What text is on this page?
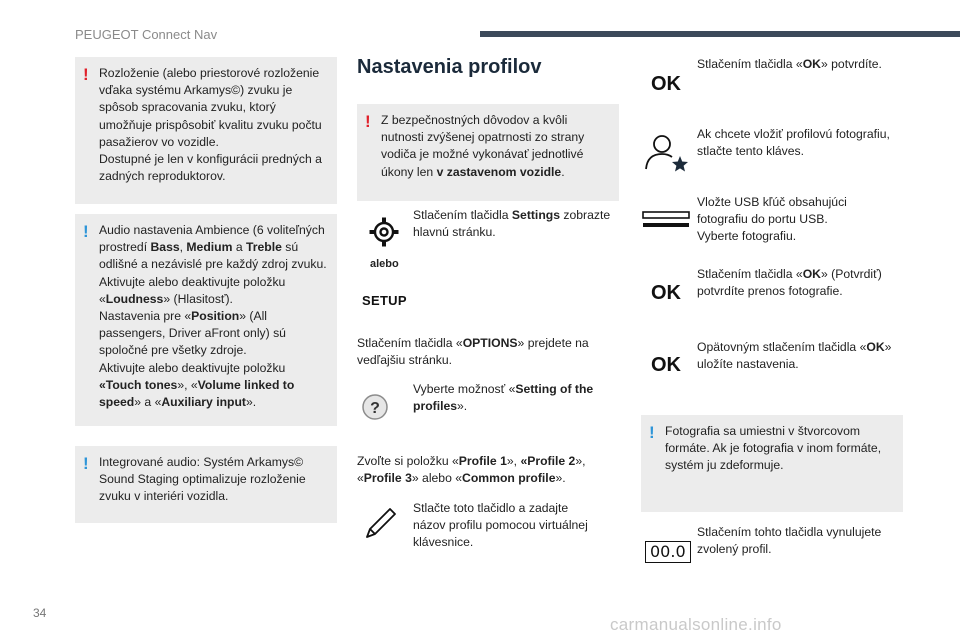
PEUGEOT Connect Nav
! Rozloženie (alebo priestorové rozloženie

vďaka systému Arkamys©) zvuku je

spôsob spracovania zvuku, ktorý

umožňuje prispôsobiť kvalitu zvuku počtu

pasažierov vo vozidle.

Dostupné je len v konfigurácii predných a

zadných reproduktorov.

! Audio nastavenia Ambience (6 voliteľných

prostredí Bass, Medium a Treble sú

odlišné a nezávislé pre každý zdroj zvuku.

Aktivujte alebo deaktivujte položku

«Loudness» (Hlasitosť).

Nastavenia pre «Position» (All

passengers, Driver aFront only) sú

spoločné pre všetky zdroje.

Aktivujte alebo deaktivujte položku

«Touch tones», «Volume linked to

speed» a «Auxiliary input».

! Integrované audio: Systém Arkamys©

Sound Staging optimalizuje rozloženie

zvuku v interiéri vozidla.

Nastavenia profilov
! Z bezpečnostných dôvodov a kvôli

nutnosti zvýšenej opatrnosti zo strany

vodiča je možné vykonávať jednotlivé

úkony len v zastavenom vozidle.

alebo
SETUP

Stlačením tlačidla Settings zobrazte

hlavnú stránku.

Stlačením tlačidla «OPTIONS» prejdete na

vedľajšiu stránku.

?

Vyberte možnosť «Setting of the

profiles».

Zvoľte si položku «Profile 1», «Profile 2»,

«Profile 3» alebo «Common profile».

Stlačte toto tlačidlo a zadajte

názov profilu pomocou virtuálnej

klávesnice.

OK

Stlačením tlačidla «OK» potvrdíte.

Ak chcete vložiť profilovú fotografiu,

stlačte tento kláves.

Vložte USB kľúč obsahujúci

fotografiu do portu USB.

Vyberte fotografiu.

OK

Stlačením tlačidla «OK» (Potvrdiť)

potvrdíte prenos fotografie.

OK

Opätovným stlačením tlačidla «OK»

uložíte nastavenia.

! Fotografia sa umiestni v štvorcovom

formáte. Ak je fotografia v inom formáte,

systém ju zdeformuje.

00.0

Stlačením tohto tlačidla vynulujete

zvolený profil.

34
carmanualsonline.info
